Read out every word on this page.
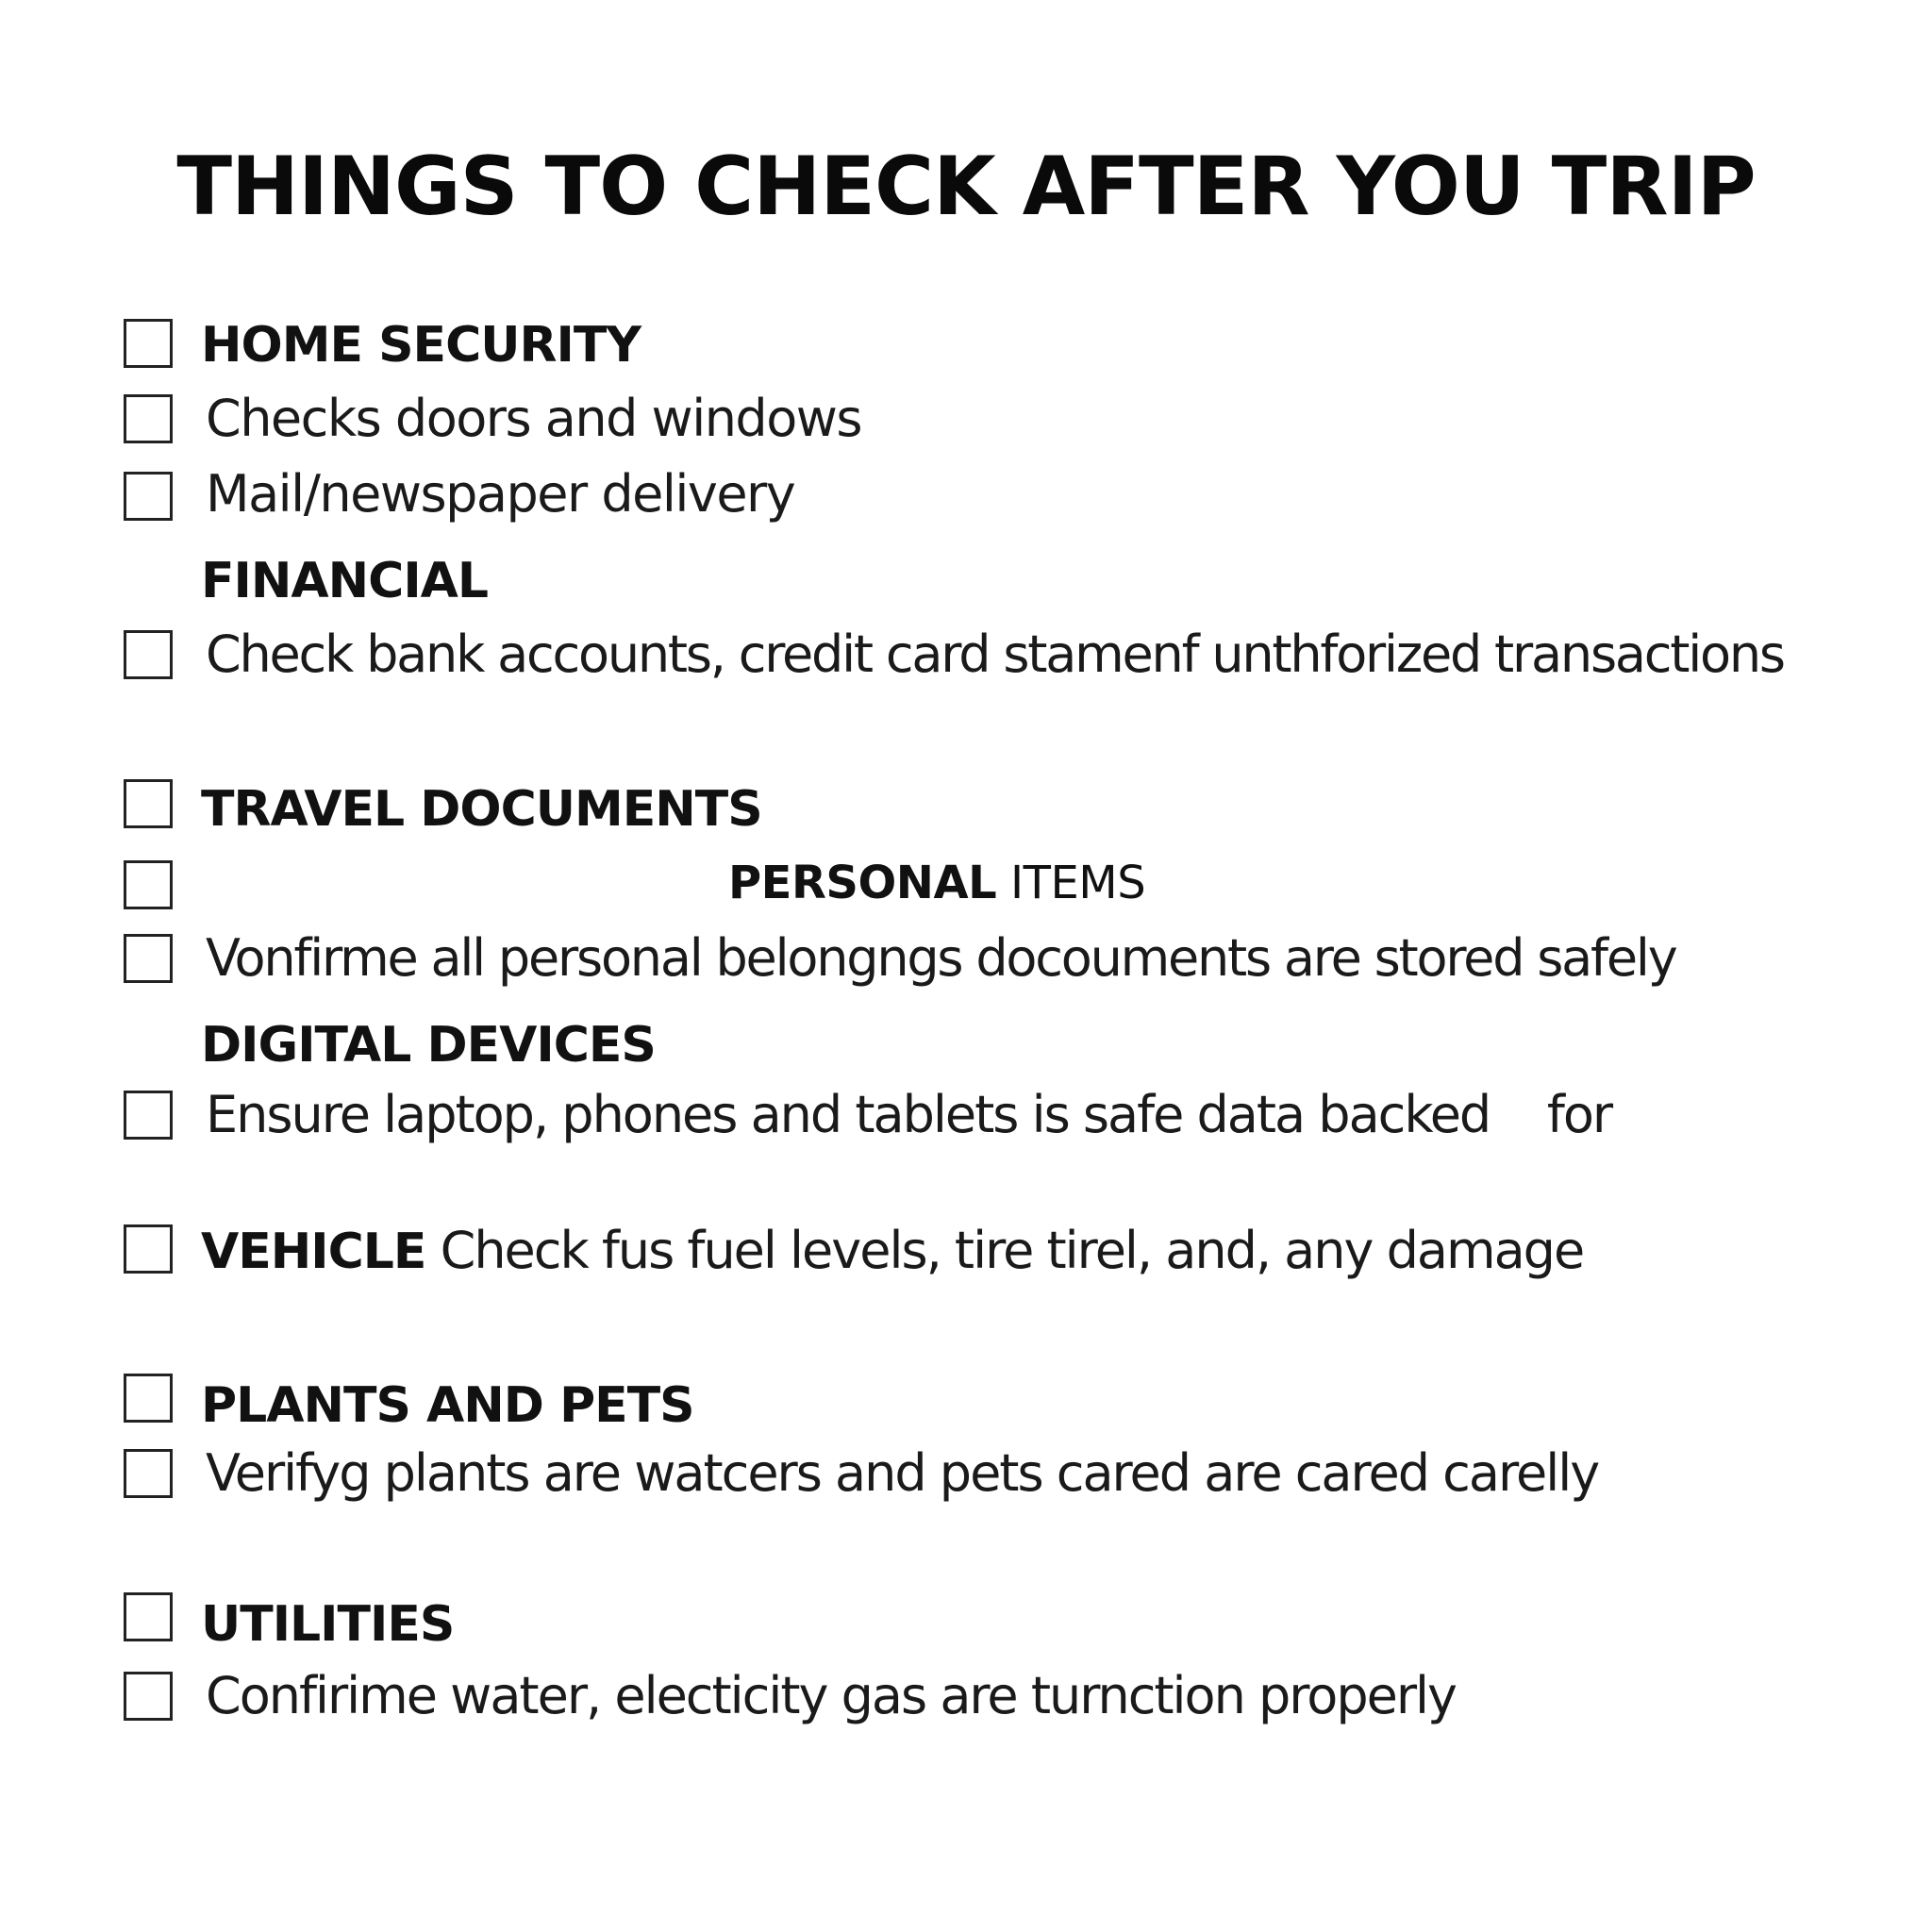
THINGS TO CHECK AFTER YOU TRIP
HOME SECURITY
Checks doors and windows
Mail/newspaper delivery
FINANCIAL
Check bank accounts, credit card stamenf unthforized transactions
TRAVEL DOCUMENTS
PERSONAL ITEMS
Vonfirme all personal belongngs docouments are stored safely
DIGITAL DEVICES
Ensure laptop, phones and tablets is safe data backed    for
VEHICLE Check fus fuel levels, tire tirel, and, any damage
PLANTS AND PETS
Verifyg plants are watcers and pets cared are cared carelly
UTILITIES
Confirime water, electicity gas are turnction properly
